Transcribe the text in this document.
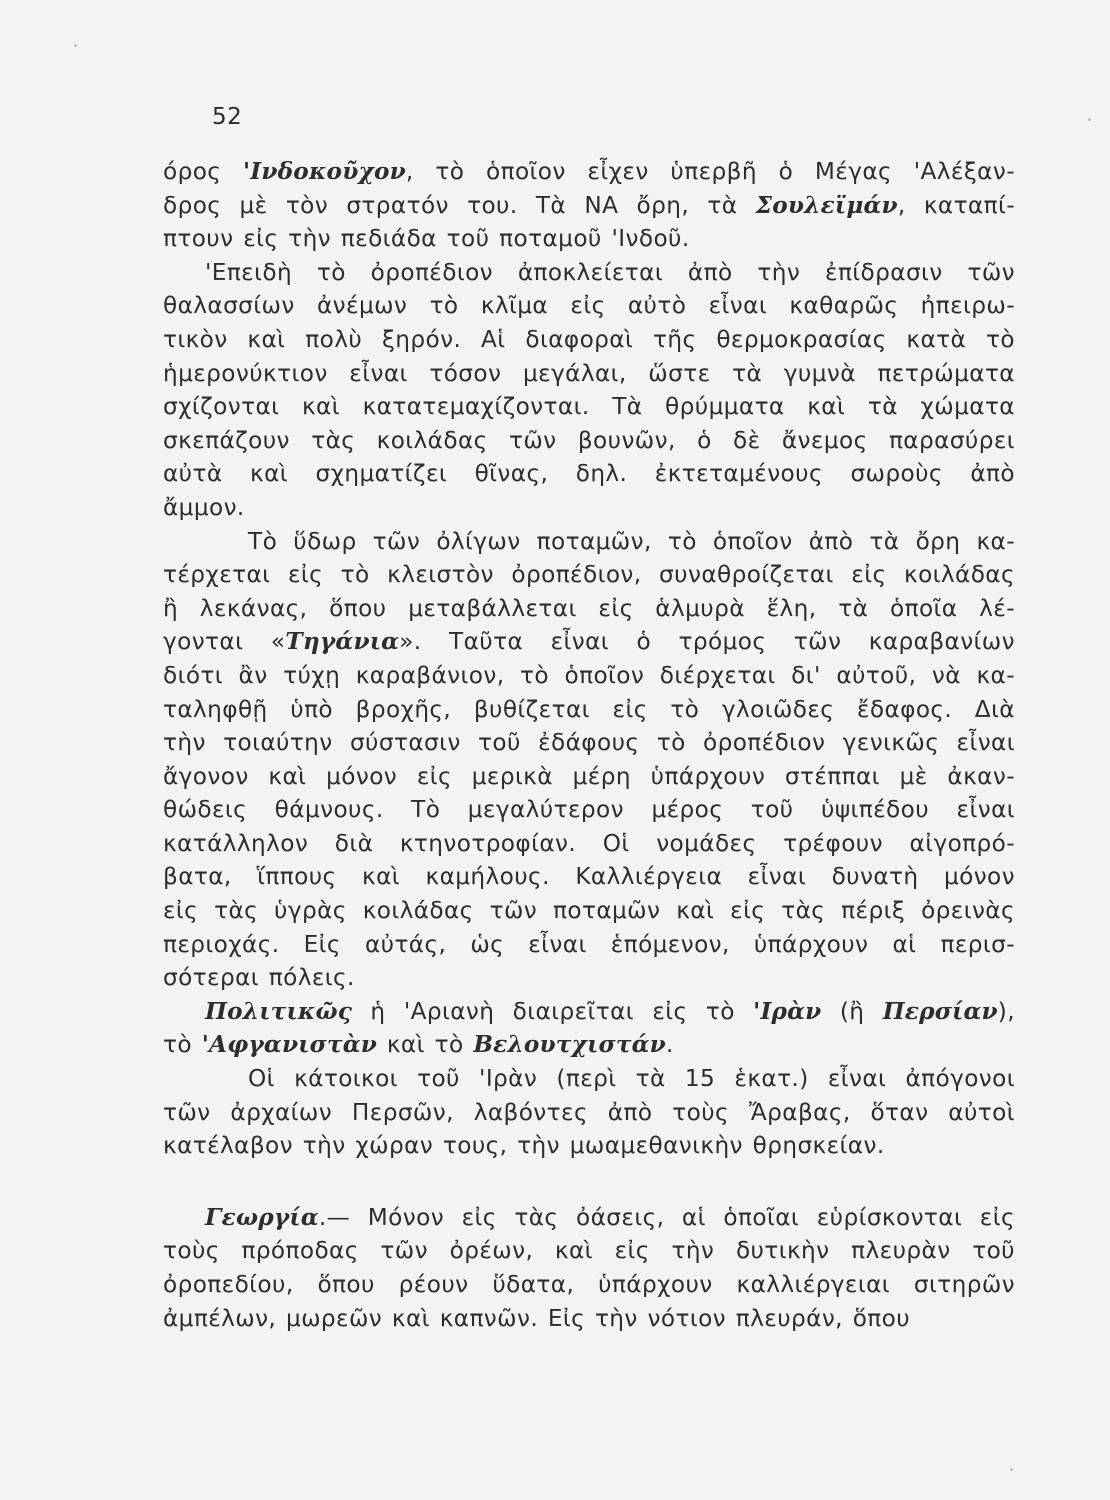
52

όρος 'Ινδοκοῦχον, τὸ ὁποῖον εἶχεν ὑπερβῆ ὁ Μέγας 'Αλέξαν-
δρος μὲ τὸν στρατόν του. Τὰ ΝΑ ὄρη, τὰ Σουλεϊμάν, καταπί-
πτουν εἰς τὴν πεδιάδα τοῦ ποταμοῦ 'Ινδοῦ.

'Επειδὴ τὸ ὀροπέδιον ἀποκλείεται ἀπὸ τὴν ἐπίδρασιν τῶν
θαλασσίων ἀνέμων τὸ κλῖμα εἰς αὐτὸ εἶναι καθαρῶς ἠπειρω-
τικὸν καὶ πολὺ ξηρόν. Αἱ διαφοραὶ τῆς θερμοκρασίας κατὰ τὸ
ἡμερονύκτιον εἶναι τόσον μεγάλαι, ὥστε τὰ γυμνὰ πετρώματα
σχίζονται καὶ κατατεμαχίζονται. Τὰ θρύμματα καὶ τὰ χώματα
σκεπάζουν τὰς κοιλάδας τῶν βουνῶν, ὁ δὲ ἄνεμος παρασύρει
αὐτὰ καὶ σχηματίζει θῖνας, δηλ. ἐκτεταμένους σωροὺς ἀπὸ
ἄμμον.

Τὸ ὕδωρ τῶν ὀλίγων ποταμῶν, τὸ ὁποῖον ἀπὸ τὰ ὄρη κα-
τέρχεται εἰς τὸ κλειστὸν ὀροπέδιον, συναθροίζεται εἰς κοιλάδας
ἢ λεκάνας, ὅπου μεταβάλλεται εἰς ἁλμυρὰ ἕλη, τὰ ὁποῖα λέ-
γονται «Τηγάνια». Ταῦτα εἶναι ὁ τρόμος τῶν καραβανίων
διότι ἂν τύχῃ καραβάνιον, τὸ ὁποῖον διέρχεται δι' αὐτοῦ, νὰ κα-
ταληφθῇ ὑπὸ βροχῆς, βυθίζεται εἰς τὸ γλοιῶδες ἔδαφος. Διὰ
τὴν τοιαύτην σύστασιν τοῦ ἐδάφους τὸ ὀροπέδιον γενικῶς εἶναι
ἄγονον καὶ μόνον εἰς μερικὰ μέρη ὑπάρχουν στέππαι μὲ ἀκαν-
θώδεις θάμνους. Τὸ μεγαλύτερον μέρος τοῦ ὑψιπέδου εἶναι
κατάλληλον διὰ κτηνοτροφίαν. Οἱ νομάδες τρέφουν αἰγοπρό-
βατα, ἵππους καὶ καμήλους. Καλλιέργεια εἶναι δυνατὴ μόνον
εἰς τὰς ὑγρὰς κοιλάδας τῶν ποταμῶν καὶ εἰς τὰς πέριξ ὀρεινὰς
περιοχάς. Εἰς αὐτάς, ὡς εἶναι ἑπόμενον, ὑπάρχουν αἱ περισ-
σότεραι πόλεις.

Πολιτικῶς ἡ 'Αριανὴ διαιρεῖται εἰς τὸ 'Ιρὰν (ἢ Περσίαν),
τὸ 'Αφγανιστὰν καὶ τὸ Βελουτχιστάν.

Οἱ κάτοικοι τοῦ 'Ιρὰν (περὶ τὰ 15 ἑκατ.) εἶναι ἀπόγονοι
τῶν ἀρχαίων Περσῶν, λαβόντες ἀπὸ τοὺς Ἄραβας, ὅταν αὐτοὶ
κατέλαβον τὴν χώραν τους, τὴν μωαμεθανικὴν θρησκείαν.

Γεωργία.— Μόνον εἰς τὰς ὀάσεις, αἱ ὁποῖαι εὑρίσκονται εἰς
τοὺς πρόποδας τῶν ὀρέων, καὶ εἰς τὴν δυτικὴν πλευρὰν τοῦ
ὀροπεδίου, ὅπου ρέουν ὕδατα, ὑπάρχουν καλλιέργειαι σιτηρῶν
ἀμπέλων, μωρεῶν καὶ καπνῶν. Εἰς τὴν νότιον πλευράν, ὅπου
